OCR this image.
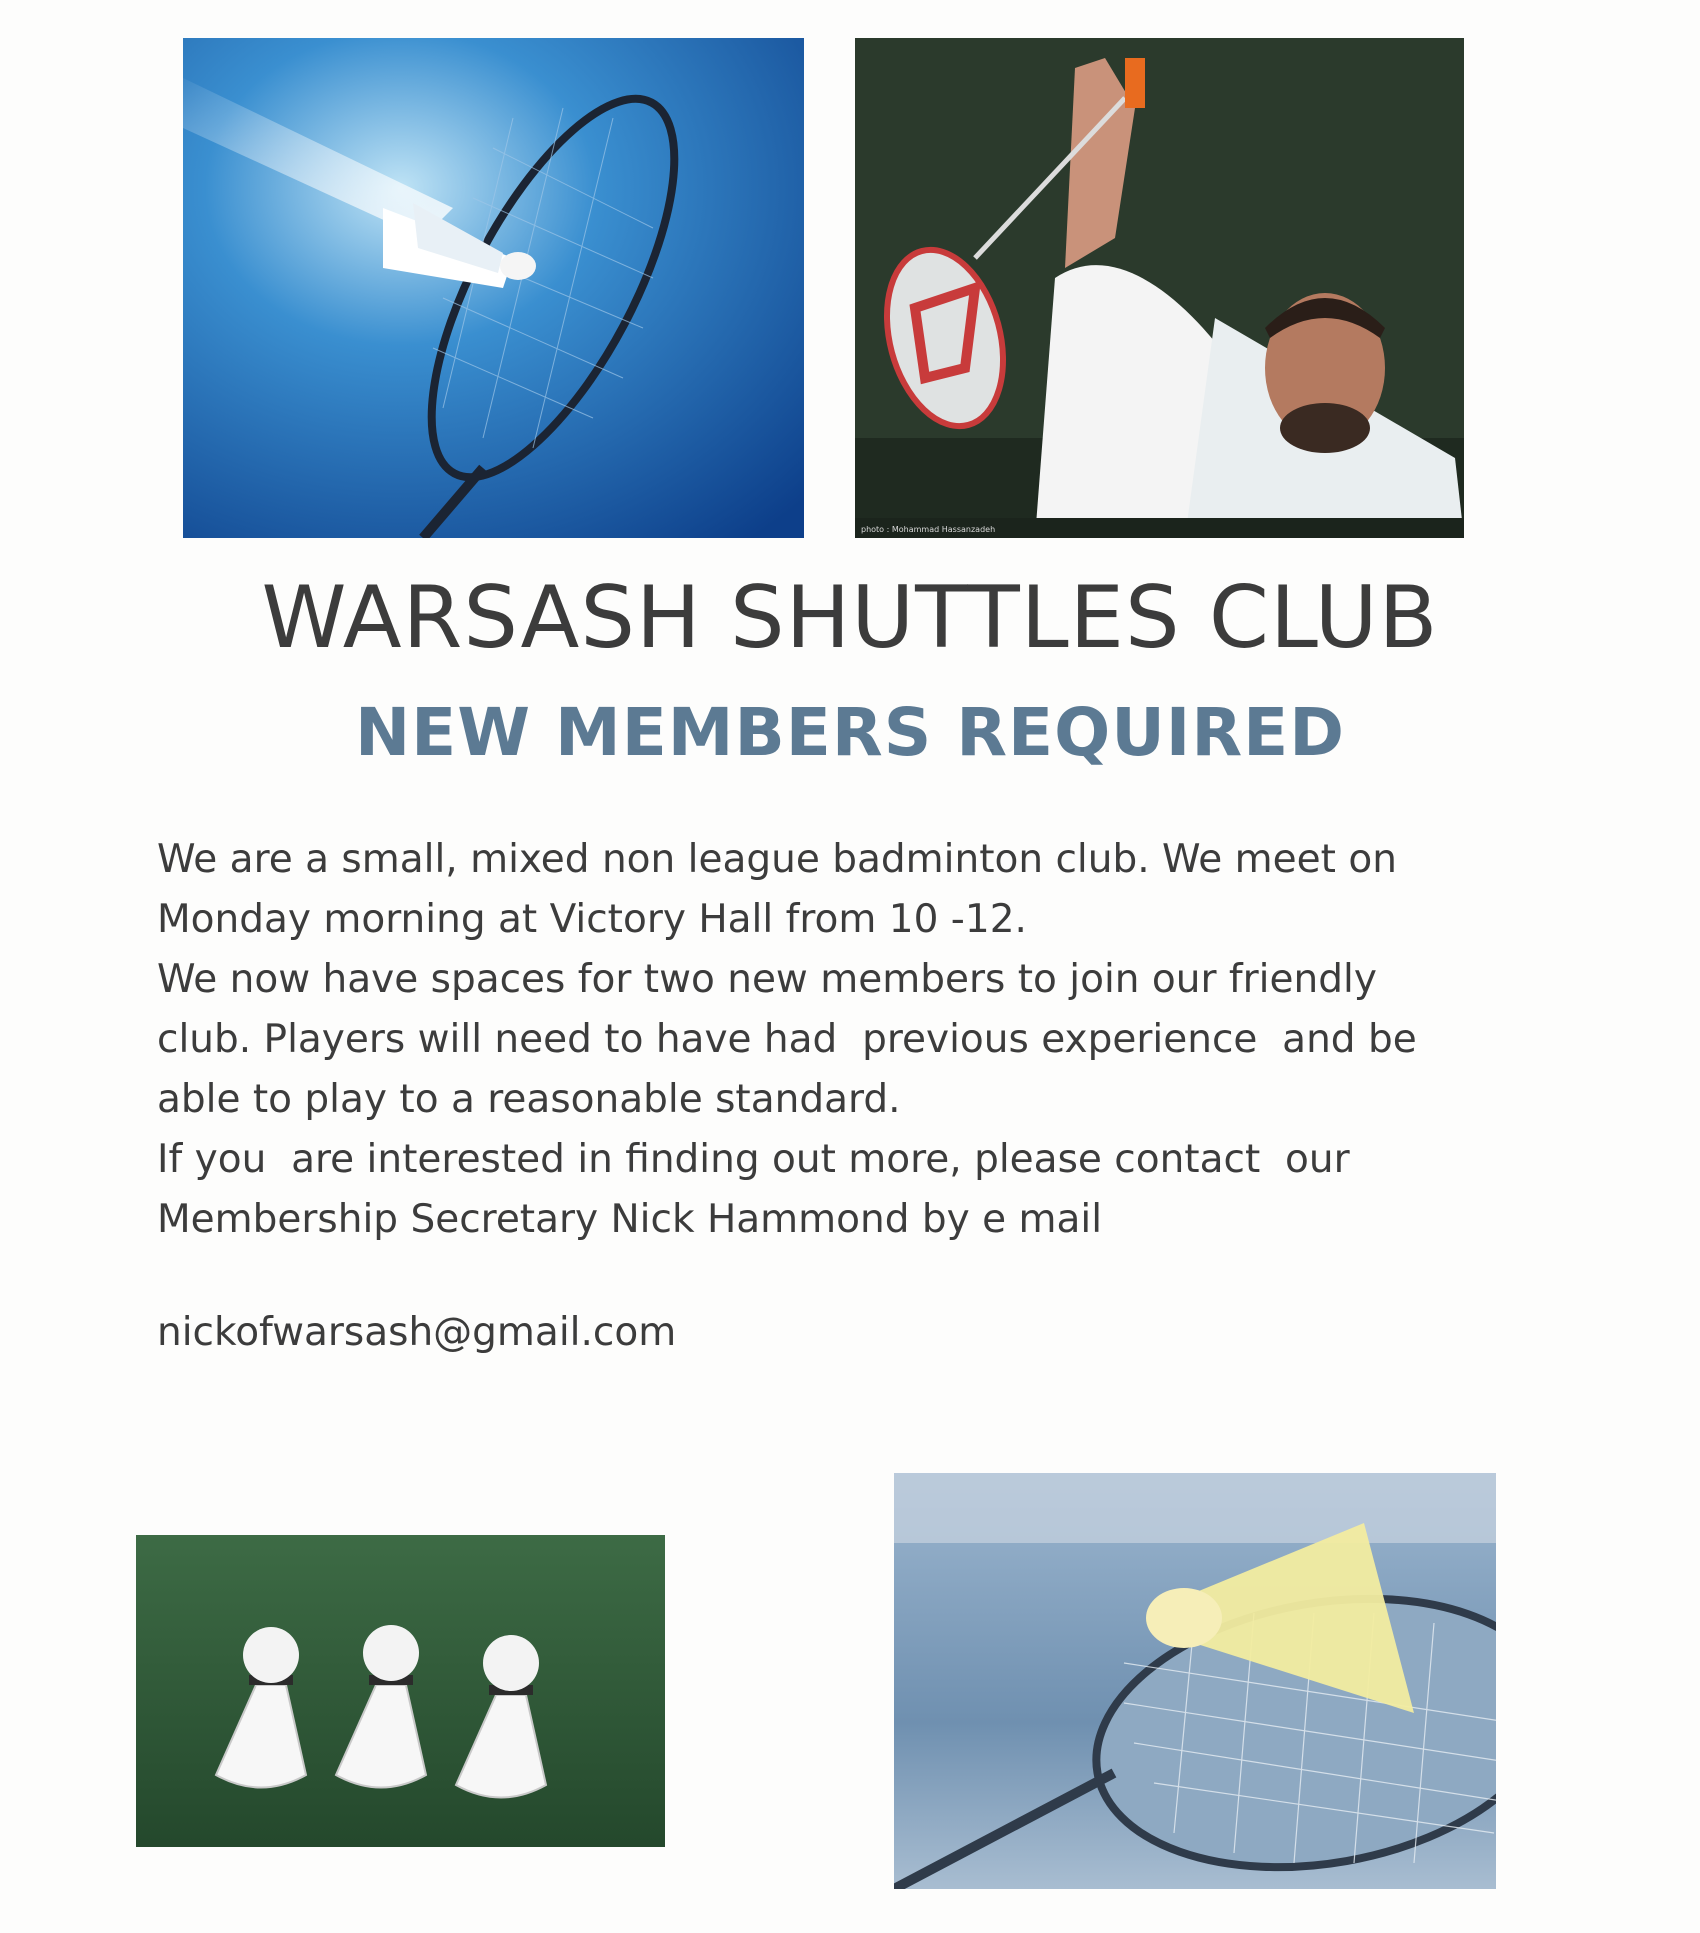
photo : Mohammad Hassanzadeh
WARSASH SHUTTLES CLUB
NEW MEMBERS REQUIRED
We are a small, mixed non league badminton club. We meet on
Monday morning at Victory Hall from 10 -12.
We now have spaces for two new members to join our friendly
club. Players will need to have had  previous experience  and be
able to play to a reasonable standard.
If you  are interested in finding out more, please contact  our
Membership Secretary Nick Hammond by e mail
nickofwarsash@gmail.com
